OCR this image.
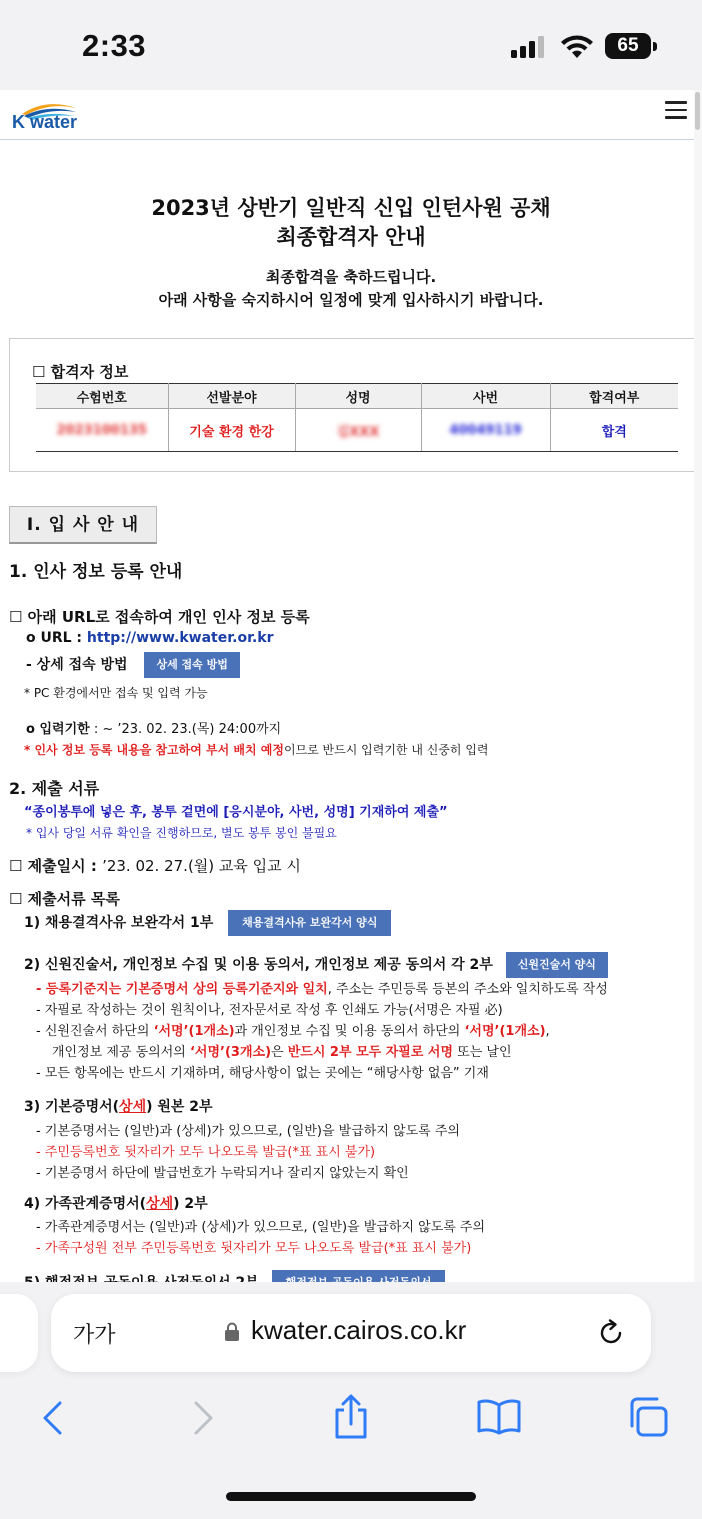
2:33	65
K water
2023년 상반기 일반직 신입 인턴사원 공채
최종합격자 안내
최종합격을 축하드립니다.
아래 사항을 숙지하시어 일정에 맞게 입사하시기 바랍니다.
☐ 합격자 정보
수험번호	선발분야	성명	사번	합격여부
2023100135	기술 환경 한강	김XXX	40049119	합격
Ⅰ. 입 사 안 내
1. 인사 정보 등록 안내
☐ 아래 URL로 접속하여 개인 인사 정보 등록
o URL : http://www.kwater.or.kr
- 상세 접속 방법	상세 접속 방법
* PC 환경에서만 접속 및 입력 가능
o 입력기한 : ~ ’23. 02. 23.(목) 24:00까지
* 인사 정보 등록 내용을 참고하여 부서 배치 예정이므로 반드시 입력기한 내 신중히 입력
2. 제출 서류
“종이봉투에 넣은 후, 봉투 겉면에 [응시분야, 사번, 성명] 기재하여 제출”
* 입사 당일 서류 확인을 진행하므로, 별도 봉투 봉인 불필요
☐ 제출일시 : ’23. 02. 27.(월) 교육 입교 시
☐ 제출서류 목록
1) 채용결격사유 보완각서 1부	채용결격사유 보완각서 양식
2) 신원진술서, 개인정보 수집 및 이용 동의서, 개인정보 제공 동의서 각 2부 신원진술서 양식
- 등록기준지는 기본증명서 상의 등록기준지와 일치, 주소는 주민등록 등본의 주소와 일치하도록 작성
- 자필로 작성하는 것이 원칙이나, 전자문서로 작성 후 인쇄도 가능(서명은 자필 必)
- 신원진술서 하단의 ‘서명’(1개소)과 개인정보 수집 및 이용 동의서 하단의 ‘서명’(1개소),
개인정보 제공 동의서의 ‘서명’(3개소)은 반드시 2부 모두 자필로 서명 또는 날인
- 모든 항목에는 반드시 기재하며, 해당사항이 없는 곳에는 “해당사항 없음” 기재
3) 기본증명서(상세) 원본 2부
- 기본증명서는 (일반)과 (상세)가 있으므로, (일반)을 발급하지 않도록 주의
- 주민등록번호 뒷자리가 모두 나오도록 발급(*표 표시 불가)
- 기본증명서 하단에 발급번호가 누락되거나 잘리지 않았는지 확인
4) 가족관계증명서(상세) 2부
- 가족관계증명서는 (일반)과 (상세)가 있으므로, (일반)을 발급하지 않도록 주의
- 가족구성원 전부 주민등록번호 뒷자리가 모두 나오도록 발급(*표 표시 불가)
가가	kwater.cairos.co.kr
